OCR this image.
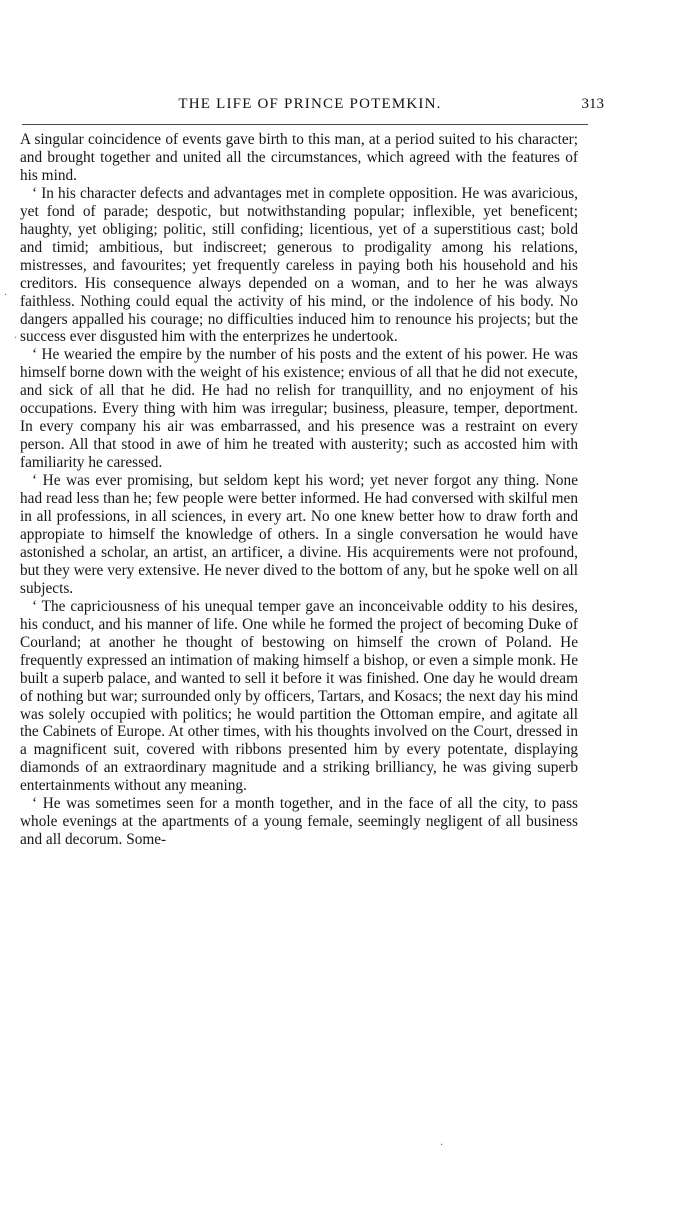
THE LIFE OF PRINCE POTEMKIN.	313
·
.
·

A singular coincidence of events gave birth to this man, at a period suited to his character; and brought together and united all the circumstances, which agreed with the features of his mind.

‘ In his character defects and advantages met in complete opposition. He was avaricious, yet fond of parade; despotic, but notwithstanding popular; inflexible, yet beneficent; haughty, yet obliging; politic, still confiding; licentious, yet of a superstitious cast; bold and timid; ambitious, but indiscreet; generous to prodigality among his relations, mistresses, and favourites; yet frequently careless in paying both his household and his creditors. His consequence always depended on a woman, and to her he was always faithless. Nothing could equal the activity of his mind, or the indolence of his body. No dangers appalled his courage; no difficulties induced him to renounce his projects; but the success ever disgusted him with the enterprizes he undertook.

‘ He wearied the empire by the number of his posts and the extent of his power. He was himself borne down with the weight of his existence; envious of all that he did not execute, and sick of all that he did. He had no relish for tranquillity, and no enjoyment of his occupations. Every thing with him was irregular; business, pleasure, temper, deportment. In every company his air was embarrassed, and his presence was a restraint on every person. All that stood in awe of him he treated with austerity; such as accosted him with familiarity he caressed.

‘ He was ever promising, but seldom kept his word; yet never forgot any thing. None had read less than he; few people were better informed. He had conversed with skilful men in all professions, in all sciences, in every art. No one knew better how to draw forth and appropiate to himself the knowledge of others. In a single conversation he would have astonished a scholar, an artist, an artificer, a divine. His acquirements were not profound, but they were very extensive. He never dived to the bottom of any, but he spoke well on all subjects.

‘ The capriciousness of his unequal temper gave an inconceivable oddity to his desires, his conduct, and his manner of life. One while he formed the project of becoming Duke of Courland; at another he thought of bestowing on himself the crown of Poland. He frequently expressed an intimation of making himself a bishop, or even a simple monk. He built a superb palace, and wanted to sell it before it was finished. One day he would dream of nothing but war; surrounded only by officers, Tartars, and Kosacs; the next day his mind was solely occupied with politics; he would partition the Ottoman empire, and agitate all the Cabinets of Europe. At other times, with his thoughts involved on the Court, dressed in a magnificent suit, covered with ribbons presented him by every potentate, displaying diamonds of an extraordinary magnitude and a striking brilliancy, he was giving superb entertainments without any meaning.

‘ He was sometimes seen for a month together, and in the face of all the city, to pass whole evenings at the apartments of a young female, seemingly negligent of all business and all decorum. Some-
